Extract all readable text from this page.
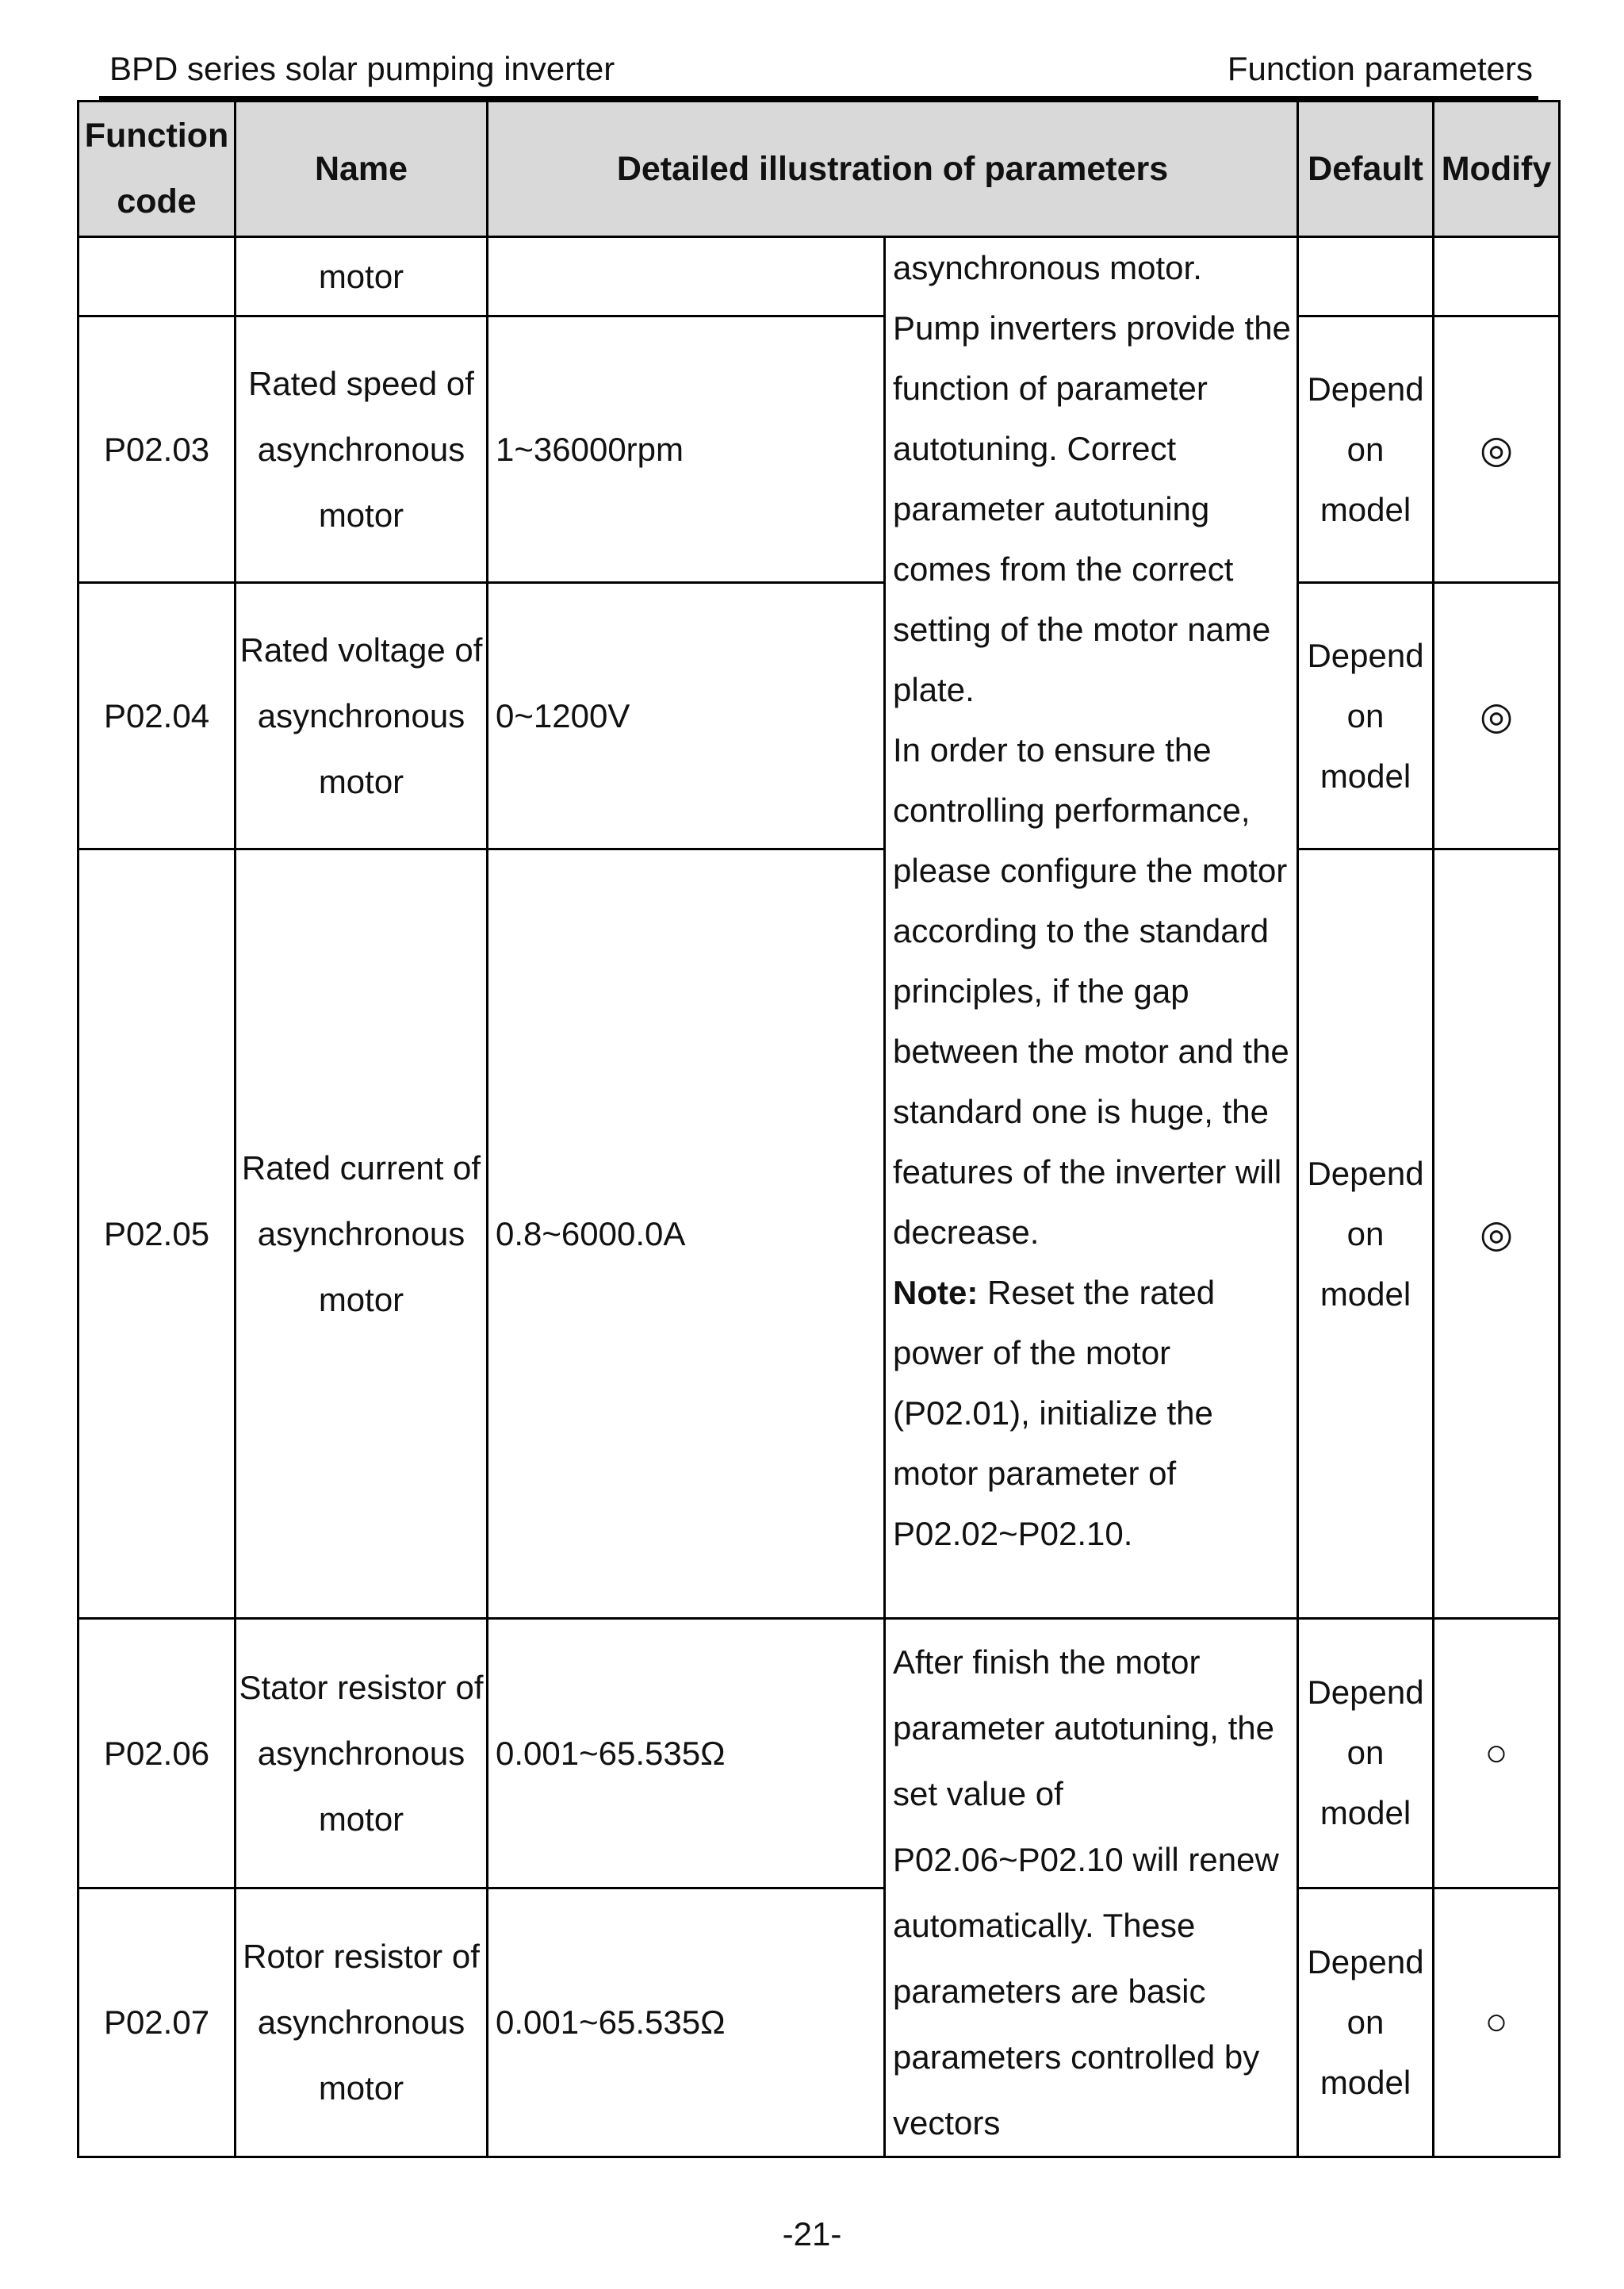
BPD series solar pumping inverter	Function parameters
Function code	Name	Detailed illustration of parameters		Default	Modify
	motor		asynchronous motor. Pump inverters provide the function of parameter autotuning. Correct parameter autotuning comes from the correct setting of the motor name plate.
In order to ensure the controlling performance, please configure the motor according to the standard principles, if the gap between the motor and the standard one is huge, the features of the inverter will decrease.
Note: Reset the rated power of the motor (P02.01), initialize the motor parameter of P02.02~P02.10.		

P02.03	Rated speed of asynchronous motor	1~36000rpm		Depend on model	◎
P02.04	Rated voltage of asynchronous motor	0~1200V		Depend on model	◎
P02.05	Rated current of asynchronous motor	0.8~6000.0A		Depend on model	◎
P02.06	Stator resistor of asynchronous motor	0.001~65.535Ω	After finish the motor parameter autotuning, the set value of P02.06~P02.10 will renew automatically. These parameters are basic parameters controlled by vectors	Depend on model	○
P02.07	Rotor resistor of asynchronous motor	0.001~65.535Ω		Depend on model	○
-21-
